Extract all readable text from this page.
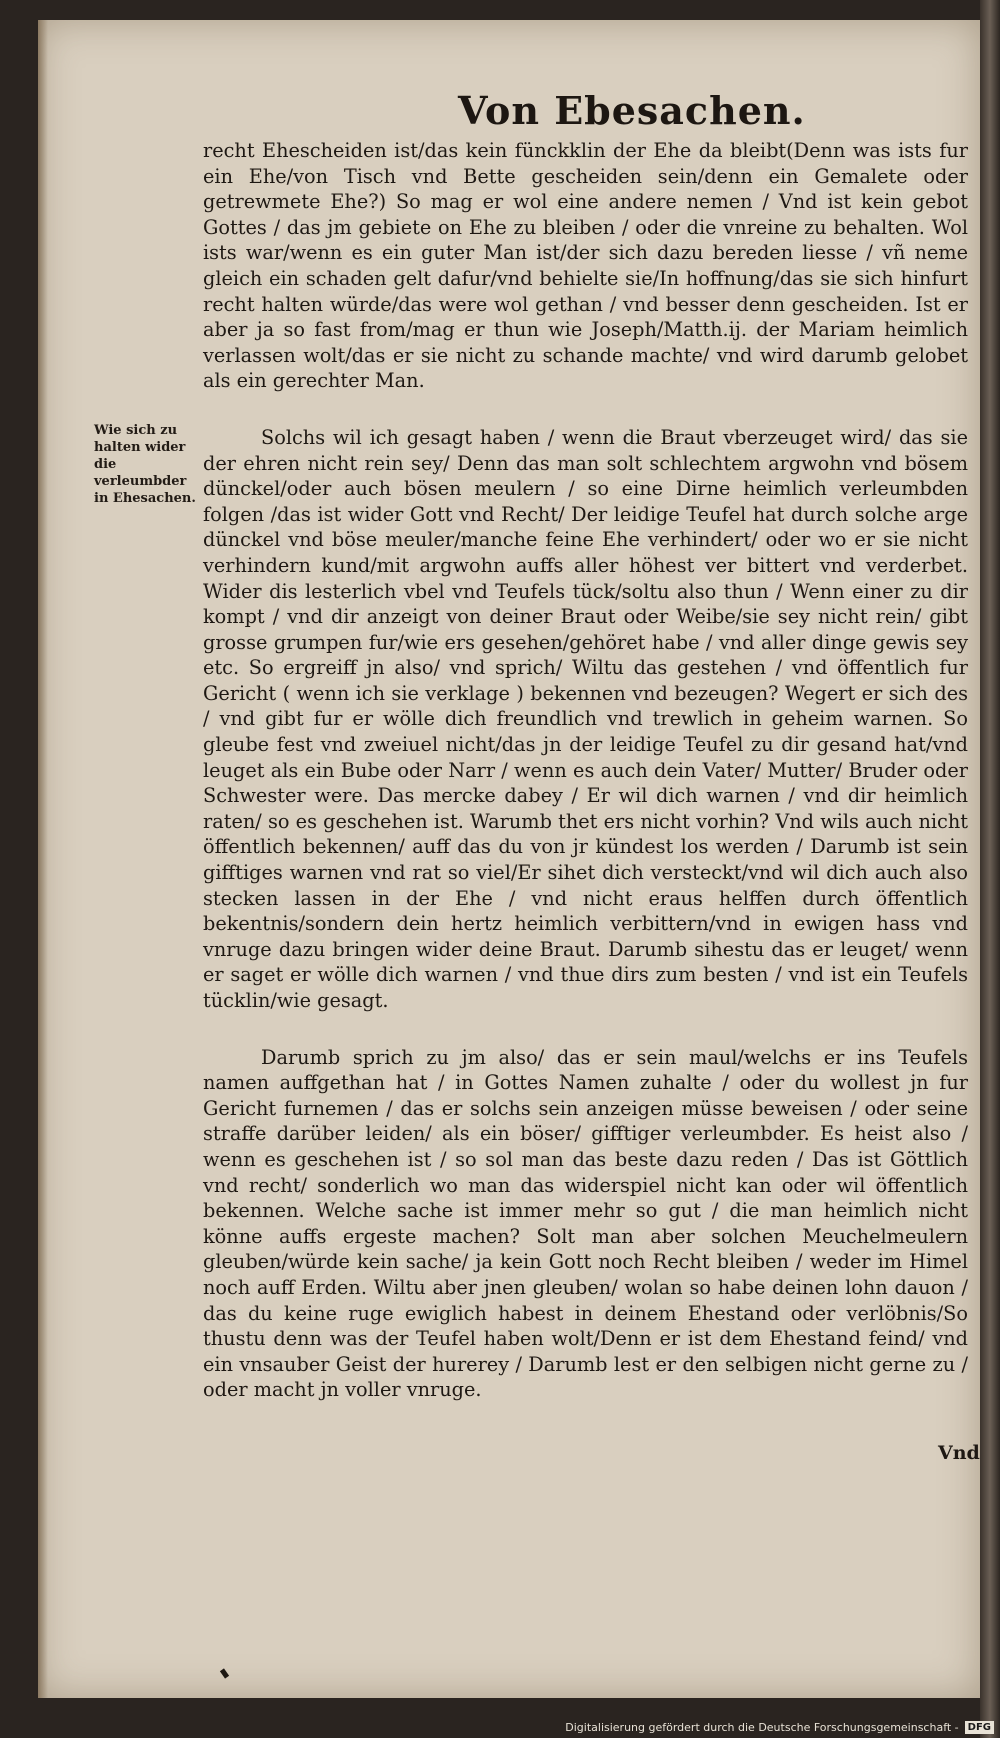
Von Ebesachen.
Wie sich zu halten wider die verleumbder in Ehesachen.

recht Ehescheiden ist/das kein fünckklin der Ehe da bleibt(Denn was ists fur ein Ehe/von Tisch vnd Bette gescheiden sein/denn ein Gemalete oder getrewmete Ehe?) So mag er wol eine andere nemen / Vnd ist kein gebot Gottes / das jm gebiete on Ehe zu bleiben / oder die vnreine zu behalten. Wol ists war/wenn es ein guter Man ist/der sich dazu bereden liesse / vñ neme gleich ein schaden gelt dafur/vnd behielte sie/In hoffnung/das sie sich hinfurt recht halten würde/das were wol gethan / vnd besser denn gescheiden. Ist er aber ja so fast from/mag er thun wie Joseph/Matth.ij. der Mariam heimlich verlassen wolt/das er sie nicht zu schande machte/ vnd wird darumb gelobet als ein gerechter Man.

Solchs wil ich gesagt haben / wenn die Braut vberzeuget wird/ das sie der ehren nicht rein sey/ Denn das man solt schlechtem argwohn vnd bösem dünckel/oder auch bösen meulern / so eine Dirne heimlich verleumbden folgen /das ist wider Gott vnd Recht/ Der leidige Teufel hat durch solche arge dünckel vnd böse meuler/manche feine Ehe verhindert/ oder wo er sie nicht verhindern kund/mit argwohn auffs aller höhest ver bittert vnd verderbet. Wider dis lesterlich vbel vnd Teufels tück/soltu also thun / Wenn einer zu dir kompt / vnd dir anzeigt von deiner Braut oder Weibe/sie sey nicht rein/ gibt grosse grumpen fur/wie ers gesehen/gehöret habe / vnd aller dinge gewis sey etc. So ergreiff jn also/ vnd sprich/ Wiltu das gestehen / vnd öffentlich fur Gericht ( wenn ich sie verklage ) bekennen vnd bezeugen? Wegert er sich des / vnd gibt fur er wölle dich freundlich vnd trewlich in geheim warnen. So gleube fest vnd zweiuel nicht/das jn der leidige Teufel zu dir gesand hat/vnd leuget als ein Bube oder Narr / wenn es auch dein Vater/ Mutter/ Bruder oder Schwester were. Das mercke dabey / Er wil dich warnen / vnd dir heimlich raten/ so es geschehen ist. Warumb thet ers nicht vorhin? Vnd wils auch nicht öffentlich bekennen/ auff das du von jr kündest los werden / Darumb ist sein gifftiges warnen vnd rat so viel/Er sihet dich versteckt/vnd wil dich auch also stecken lassen in der Ehe / vnd nicht eraus helffen durch öffentlich bekentnis/sondern dein hertz heimlich verbittern/vnd in ewigen hass vnd vnruge dazu bringen wider deine Braut. Darumb sihestu das er leuget/ wenn er saget er wölle dich warnen / vnd thue dirs zum besten / vnd ist ein Teufels tücklin/wie gesagt.

Darumb sprich zu jm also/ das er sein maul/welchs er ins Teufels namen auffgethan hat / in Gottes Namen zuhalte / oder du wollest jn fur Gericht furnemen / das er solchs sein anzeigen müsse beweisen / oder seine straffe darüber leiden/ als ein böser/ gifftiger verleumbder. Es heist also / wenn es geschehen ist / so sol man das beste dazu reden / Das ist Göttlich vnd recht/ sonderlich wo man das widerspiel nicht kan oder wil öffentlich bekennen. Welche sache ist immer mehr so gut / die man heimlich nicht könne auffs ergeste machen? Solt man aber solchen Meuchelmeulern gleuben/würde kein sache/ ja kein Gott noch Recht bleiben / weder im Himel noch auff Erden. Wiltu aber jnen gleuben/ wolan so habe deinen lohn dauon / das du keine ruge ewiglich habest in deinem Ehestand oder verlöbnis/So thustu denn was der Teufel haben wolt/Denn er ist dem Ehestand feind/ vnd ein vnsauber Geist der hurerey / Darumb lest er den selbigen nicht gerne zu / oder macht jn voller vnruge.

Vnd
Digitalisierung gefördert durch die Deutsche Forschungsgemeinschaft - DFG
